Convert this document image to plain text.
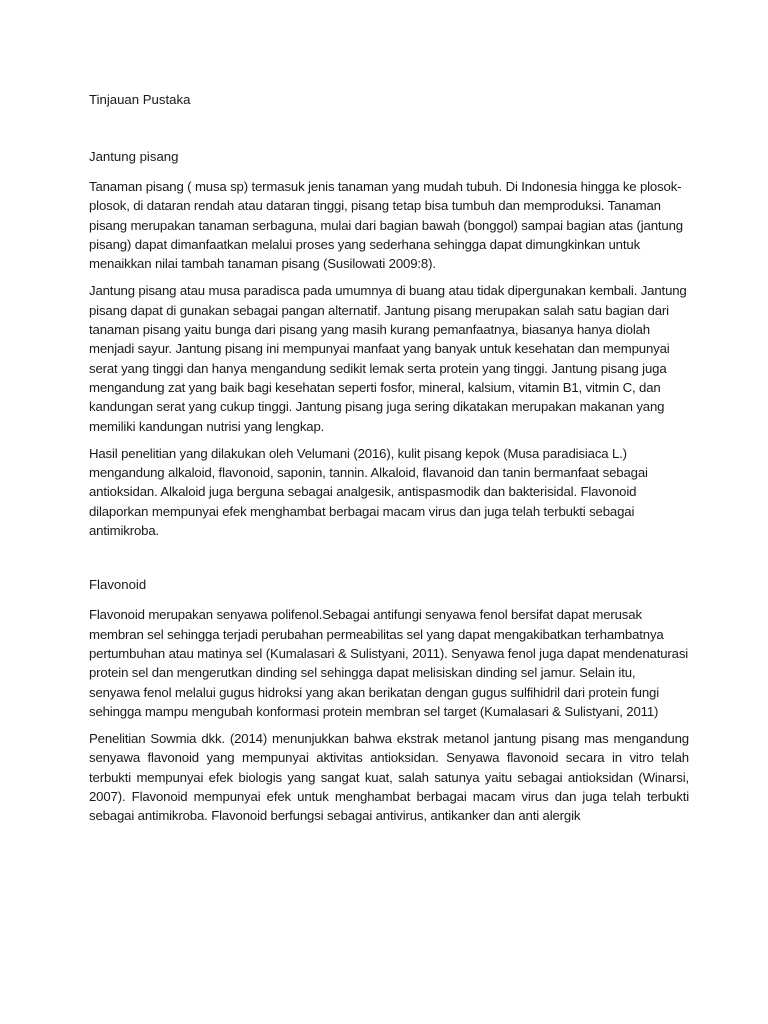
Tinjauan Pustaka

Jantung pisang

Tanaman pisang ( musa sp) termasuk jenis tanaman yang mudah tubuh. Di Indonesia hingga ke plosok-plosok, di dataran rendah atau dataran tinggi, pisang tetap bisa tumbuh dan memproduksi. Tanaman pisang merupakan tanaman serbaguna, mulai dari bagian bawah (bonggol) sampai bagian atas (jantung pisang) dapat dimanfaatkan melalui proses yang sederhana sehingga dapat dimungkinkan untuk menaikkan nilai tambah tanaman pisang (Susilowati 2009:8).

Jantung pisang atau musa paradisca pada umumnya di buang atau tidak dipergunakan kembali. Jantung pisang dapat di gunakan sebagai pangan alternatif. Jantung pisang merupakan salah satu bagian dari tanaman pisang yaitu bunga dari pisang yang masih kurang pemanfaatnya, biasanya hanya diolah menjadi sayur. Jantung pisang ini mempunyai manfaat yang banyak untuk kesehatan dan mempunyai serat yang tinggi dan hanya mengandung sedikit lemak serta protein yang tinggi. Jantung pisang juga mengandung zat yang baik bagi kesehatan seperti fosfor, mineral, kalsium, vitamin B1, vitmin C, dan kandungan serat yang cukup tinggi. Jantung pisang juga sering dikatakan merupakan makanan yang memiliki kandungan nutrisi yang lengkap.

Hasil penelitian yang dilakukan oleh Velumani (2016), kulit pisang kepok (Musa paradisiaca L.) mengandung alkaloid, flavonoid, saponin, tannin. Alkaloid, flavanoid dan tanin bermanfaat sebagai antioksidan. Alkaloid juga berguna sebagai analgesik, antispasmodik dan bakterisidal. Flavonoid dilaporkan mempunyai efek menghambat berbagai macam virus dan juga telah terbukti sebagai antimikroba.

Flavonoid

Flavonoid merupakan senyawa polifenol.Sebagai antifungi senyawa fenol bersifat dapat merusak membran sel sehingga terjadi perubahan permeabilitas sel yang dapat mengakibatkan terhambatnya pertumbuhan atau matinya sel (Kumalasari & Sulistyani, 2011). Senyawa fenol juga dapat mendenaturasi protein sel dan mengerutkan dinding sel sehingga dapat melisiskan dinding sel jamur. Selain itu, senyawa fenol melalui gugus hidroksi yang akan berikatan dengan gugus sulfihidril dari protein fungi sehingga mampu mengubah konformasi protein membran sel target (Kumalasari & Sulistyani, 2011)

Penelitian Sowmia dkk. (2014) menunjukkan bahwa ekstrak metanol jantung pisang mas mengandung senyawa flavonoid yang mempunyai aktivitas antioksidan. Senyawa flavonoid secara in vitro telah terbukti mempunyai efek biologis yang sangat kuat, salah satunya yaitu sebagai antioksidan (Winarsi, 2007). Flavonoid mempunyai efek untuk menghambat berbagai macam virus dan juga telah terbukti sebagai antimikroba. Flavonoid berfungsi sebagai antivirus, antikanker dan anti alergik
